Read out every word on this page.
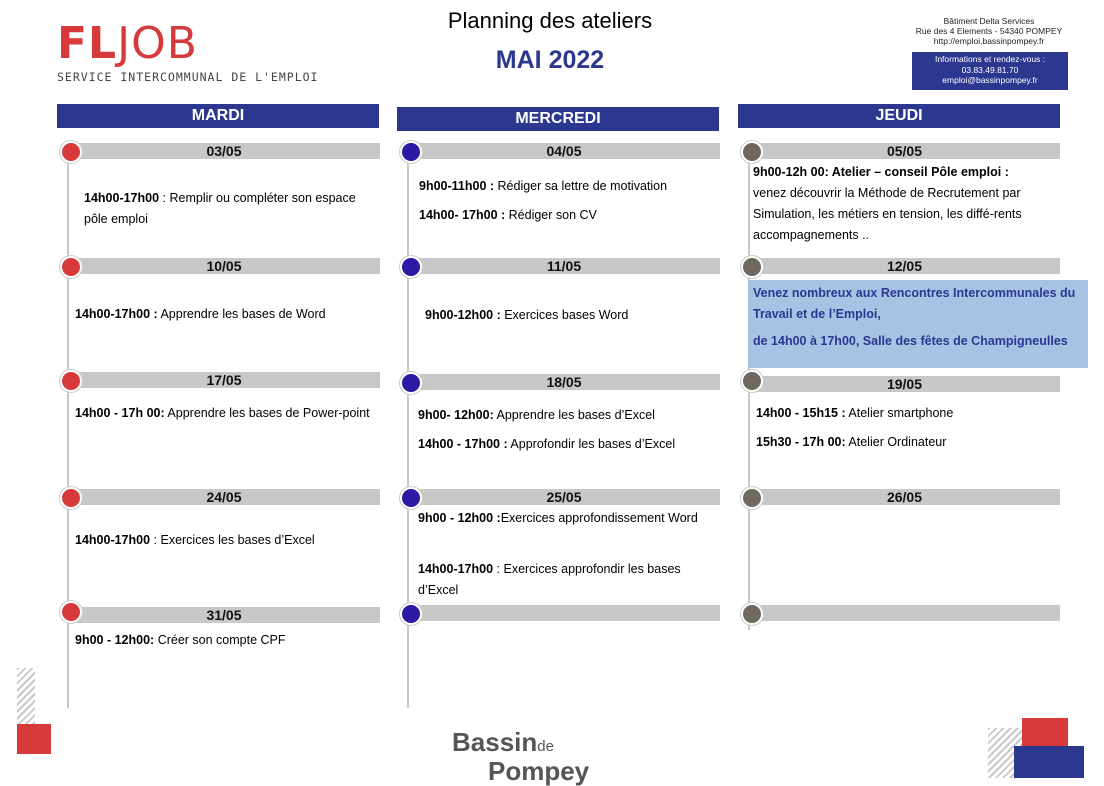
FLJOB
SERVICE INTERCOMMUNAL DE L'EMPLOI
Planning des ateliers
MAI 2022
Bâtiment Delta Services
Rue des 4 Elements - 54340 POMPEY
http://emploi.bassinpompey.fr
Informations et rendez-vous :
03.83.49.81.70
emploi@bassinpompey.fr
MARDI	MERCREDI	JEUDI
03/05
10/05
17/05
24/05
31/05
14h00-17h00 : Remplir ou compléter son espace pôle emploi
14h00-17h00 : Apprendre les bases de Word
14h00 - 17h 00: Apprendre les bases de Power-point
14h00-17h00 : Exercices les bases d’Excel
9h00 - 12h00: Créer son compte CPF
04/05
11/05
18/05
25/05
9h00-11h00 : Rédiger sa lettre de motivation
14h00- 17h00 : Rédiger son CV
9h00-12h00 : Exercices bases Word
9h00- 12h00: Apprendre les bases d’Excel
14h00 - 17h00 : Approfondir les bases d’Excel
9h00 - 12h00 :Exercices approfondissement Word
14h00-17h00 : Exercices approfondir les bases d’Excel
05/05
12/05
19/05
26/05
9h00-12h 00: Atelier – conseil Pôle emploi :
venez découvrir la Méthode de Recrutement par Simulation, les métiers en tension, les diffé-rents accompagnements ..
Venez nombreux aux Rencontres Intercommunales du Travail et de l’Emploi,
de 14h00 à 17h00, Salle des fêtes de Champigneulles
14h00 - 15h15 : Atelier smartphone
15h30 - 17h 00: Atelier Ordinateur
Bassinde
Pompey
